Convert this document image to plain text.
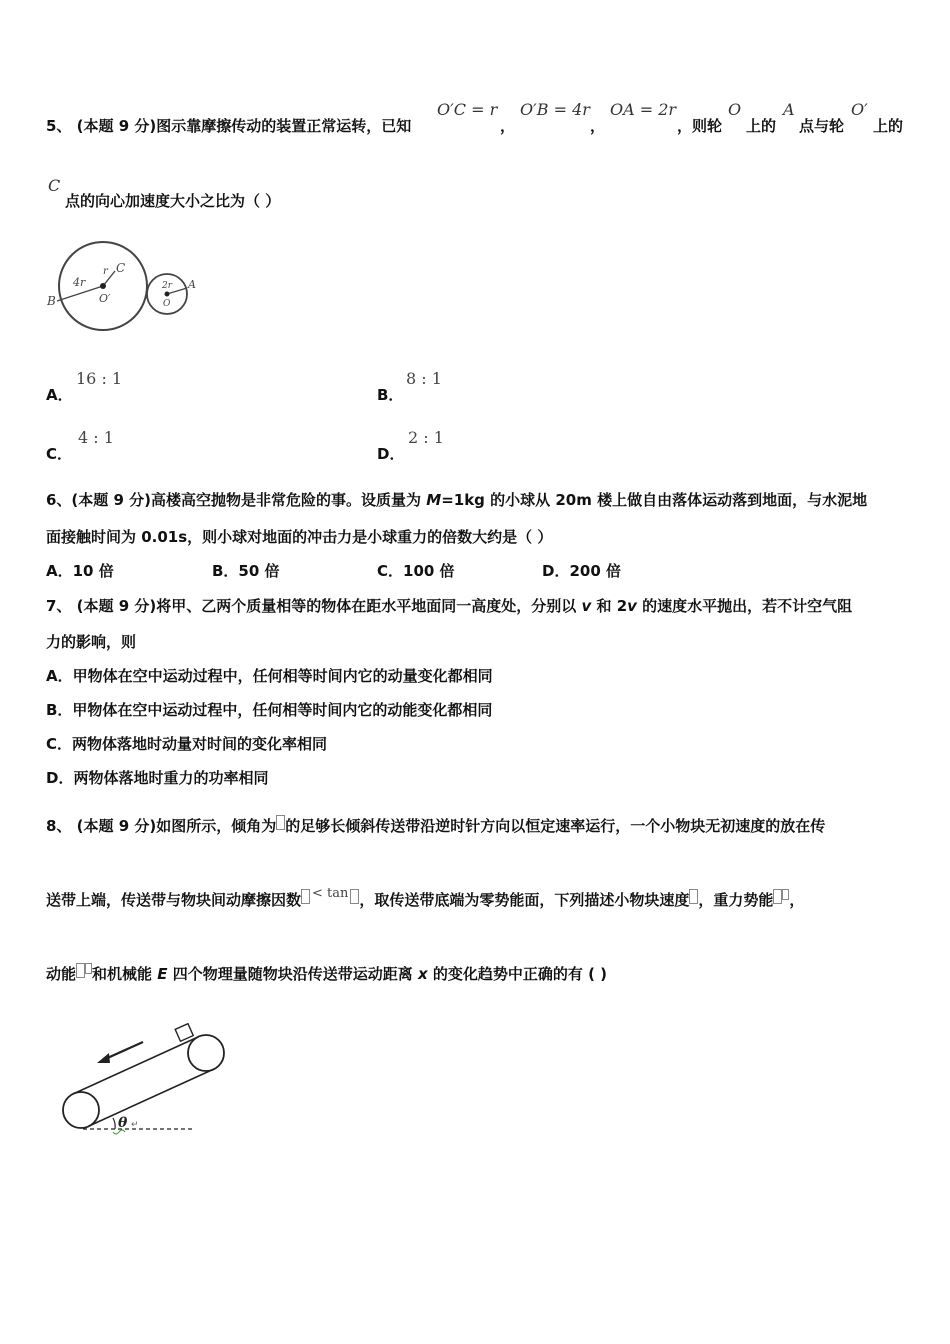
5、 (本题 9 分)图示靠摩擦传动的装置正常运转，已知
O′C = r
，
O′B = 4r
，
OA = 2r
，则轮
O
上的
A
点与轮
O′
上的
C
点的向心加速度大小之比为（ ）
4r
r C
B	O′
2r
O
A
A．
16 : 1
B．
8 : 1
C．
4 : 1
D．
2 : 1
6、(本题 9 分)高楼高空抛物是非常危险的事。设质量为 M=1kg 的小球从 20m 楼上做自由落体运动落到地面，与水泥地
面接触时间为 0.01s，则小球对地面的冲击力是小球重力的倍数大约是（ ）
A．10 倍	B．50 倍	C．100 倍	D．200 倍
7、 (本题 9 分)将甲、乙两个质量相等的物体在距水平地面同一高度处，分别以 v 和 2v 的速度水平抛出，若不计空气阻
力的影响，则
A．甲物体在空中运动过程中，任何相等时间内它的动量变化都相同
B．甲物体在空中运动过程中，任何相等时间内它的动能变化都相同
C．两物体落地时动量对时间的变化率相同
D．两物体落地时重力的功率相同
8、 (本题 9 分)如图所示，倾角为 的足够长倾斜传送带沿逆时针方向以恒定速率运行，一个小物块无初速度的放在传
送带上端，传送带与物块间动摩擦因数 < tan ，取传送带底端为零势能面，下列描述小物块速度 ，重力势能 ，
动能 和机械能 E 四个物理量随物块沿传送带运动距离 x 的变化趋势中正确的有 ( )
θ ↵
